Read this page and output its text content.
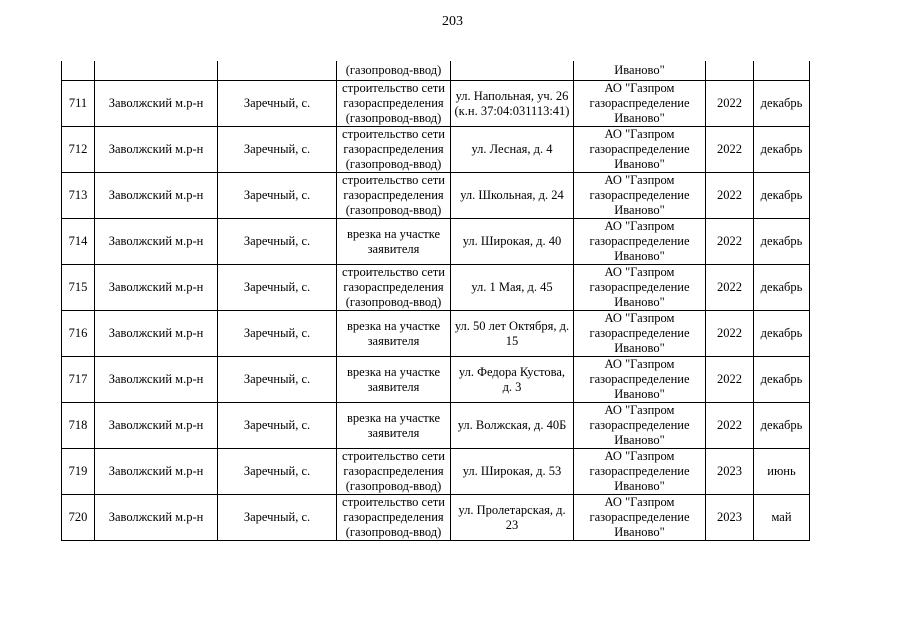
203
			(газопровод-ввод)		Иваново"		
711	Заволжский м.р-н	Заречный, с.	строительство сети газораспределения (газопровод-ввод)	ул. Напольная, уч. 26 (к.н. 37:04:031113:41)	АО "Газпром газораспределение Иваново"	2022	декабрь
712	Заволжский м.р-н	Заречный, с.	строительство сети газораспределения (газопровод-ввод)	ул. Лесная, д. 4	АО "Газпром газораспределение Иваново"	2022	декабрь
713	Заволжский м.р-н	Заречный, с.	строительство сети газораспределения (газопровод-ввод)	ул. Школьная, д. 24	АО "Газпром газораспределение Иваново"	2022	декабрь
714	Заволжский м.р-н	Заречный, с.	врезка на участке заявителя	ул. Широкая, д. 40	АО "Газпром газораспределение Иваново"	2022	декабрь
715	Заволжский м.р-н	Заречный, с.	строительство сети газораспределения (газопровод-ввод)	ул. 1 Мая, д. 45	АО "Газпром газораспределение Иваново"	2022	декабрь
716	Заволжский м.р-н	Заречный, с.	врезка на участке заявителя	ул. 50 лет Октября, д. 15	АО "Газпром газораспределение Иваново"	2022	декабрь
717	Заволжский м.р-н	Заречный, с.	врезка на участке заявителя	ул. Федора Кустова, д. 3	АО "Газпром газораспределение Иваново"	2022	декабрь
718	Заволжский м.р-н	Заречный, с.	врезка на участке заявителя	ул. Волжская, д. 40Б	АО "Газпром газораспределение Иваново"	2022	декабрь
719	Заволжский м.р-н	Заречный, с.	строительство сети газораспределения (газопровод-ввод)	ул. Широкая, д. 53	АО "Газпром газораспределение Иваново"	2023	июнь
720	Заволжский м.р-н	Заречный, с.	строительство сети газораспределения (газопровод-ввод)	ул. Пролетарская, д. 23	АО "Газпром газораспределение Иваново"	2023	май
